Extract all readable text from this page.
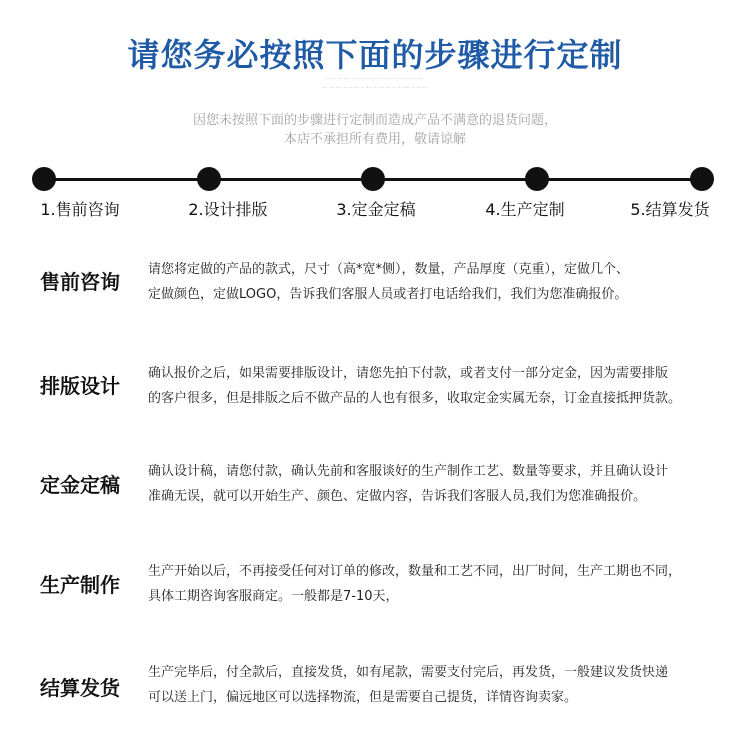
请您务必按照下面的步骤进行定制
··· ·· ··· ···· ·· ··· ··· ···· · ·· ···· ·· ··· ·· ···· ····
··· ··· ···· ·· ··· ··· ·· ···· ··· ··· ··· ·· ··· ···· ·· ··· ···
因您未按照下面的步骤进行定制而造成产品不满意的退货问题，
本店不承担所有费用，敬请谅解
1.售前咨询	2.设计排版	3.定金定稿	4.生产定制	5.结算发货
售前咨询
请您将定做的产品的款式，尺寸（高*宽*侧），数量，产品厚度（克重），定做几个、
定做颜色，定做LOGO，告诉我们客服人员或者打电话给我们，我们为您准确报价。
排版设计
确认报价之后，如果需要排版设计，请您先拍下付款，或者支付一部分定金，因为需要排版
的客户很多，但是排版之后不做产品的人也有很多，收取定金实属无奈，订金直接抵押货款。
定金定稿
确认设计稿，请您付款，确认先前和客服谈好的生产制作工艺、数量等要求，并且确认设计
准确无误，就可以开始生产、颜色、定做内容，告诉我们客服人员,我们为您准确报价。
生产制作
生产开始以后，不再接受任何对订单的修改，数量和工艺不同，出厂时间，生产工期也不同，
具体工期咨询客服商定。一般都是7-10天，
结算发货
生产完毕后，付全款后，直接发货，如有尾款，需要支付完后，再发货，一般建议发货快递
可以送上门，偏远地区可以选择物流，但是需要自己提货，详情咨询卖家。
